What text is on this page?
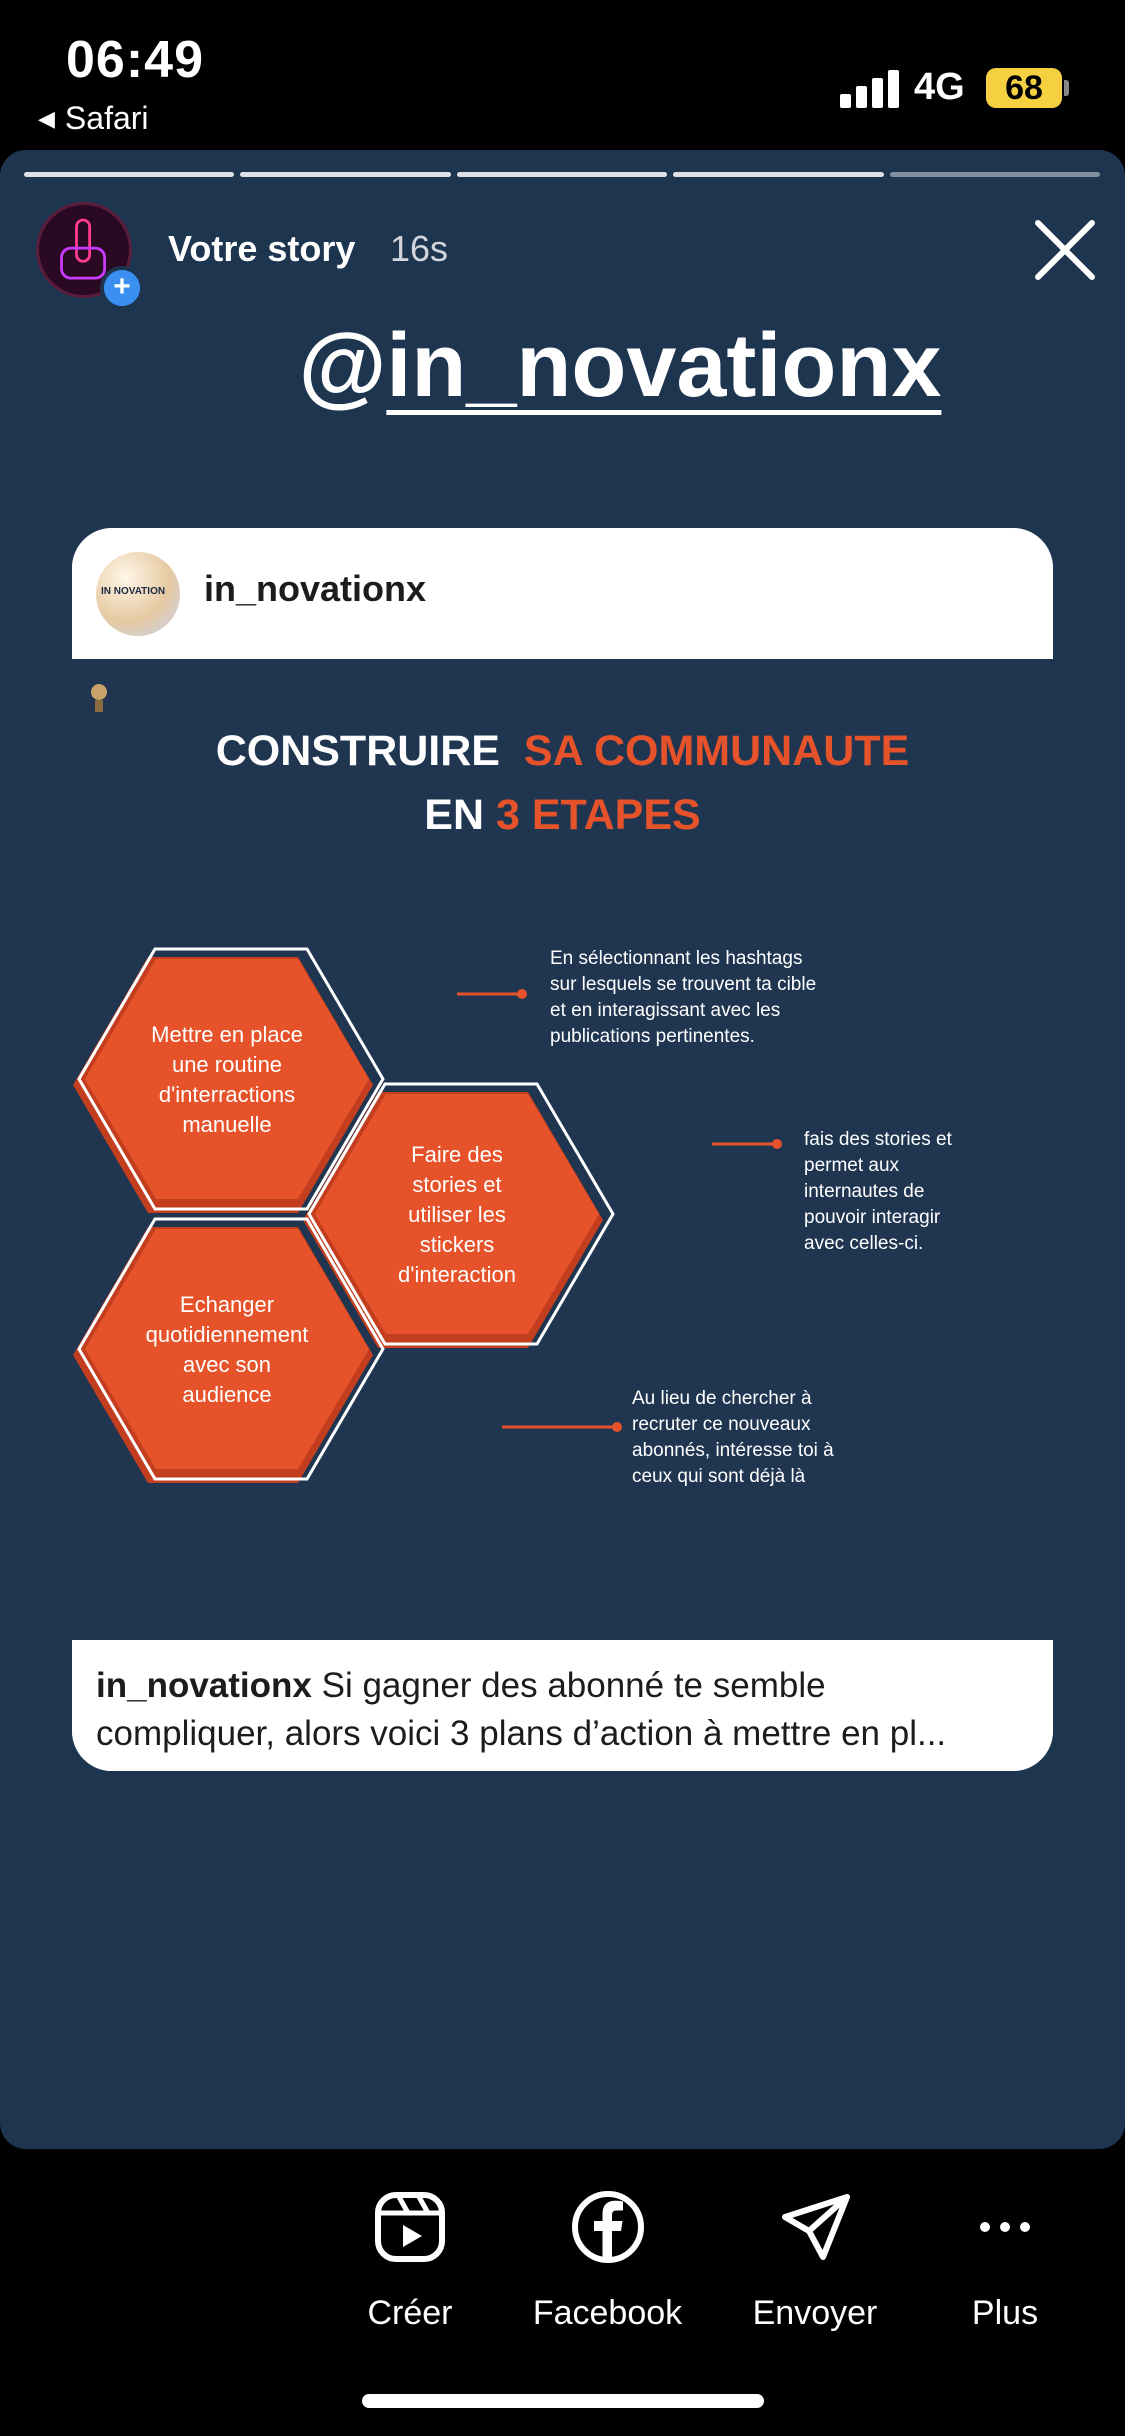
06:49
◀ Safari
4G	68
+
Votre story 16s
@in_novationx
IN NOVATION in_novationx
CONSTRUIRE SA COMMUNAUTE
EN 3 ETAPES
Mettre en place
une routine
d'interractions
manuelle
Faire des
stories et
utiliser les
stickers
d'interaction
Echanger
quotidiennement
avec son
audience
En sélectionnant les hashtags
sur lesquels se trouvent ta cible
et en interagissant avec les
publications pertinentes.
fais des stories et
permet aux
internautes de
pouvoir interagir
avec celles-ci.
Au lieu de chercher à
recruter ce nouveaux
abonnés, intéresse toi à
ceux qui sont déjà là
in_novationx Si gagner des abonné te semble
compliquer, alors voici 3 plans d’action à mettre en pl...
Créer	Facebook Envoyer	Plus
